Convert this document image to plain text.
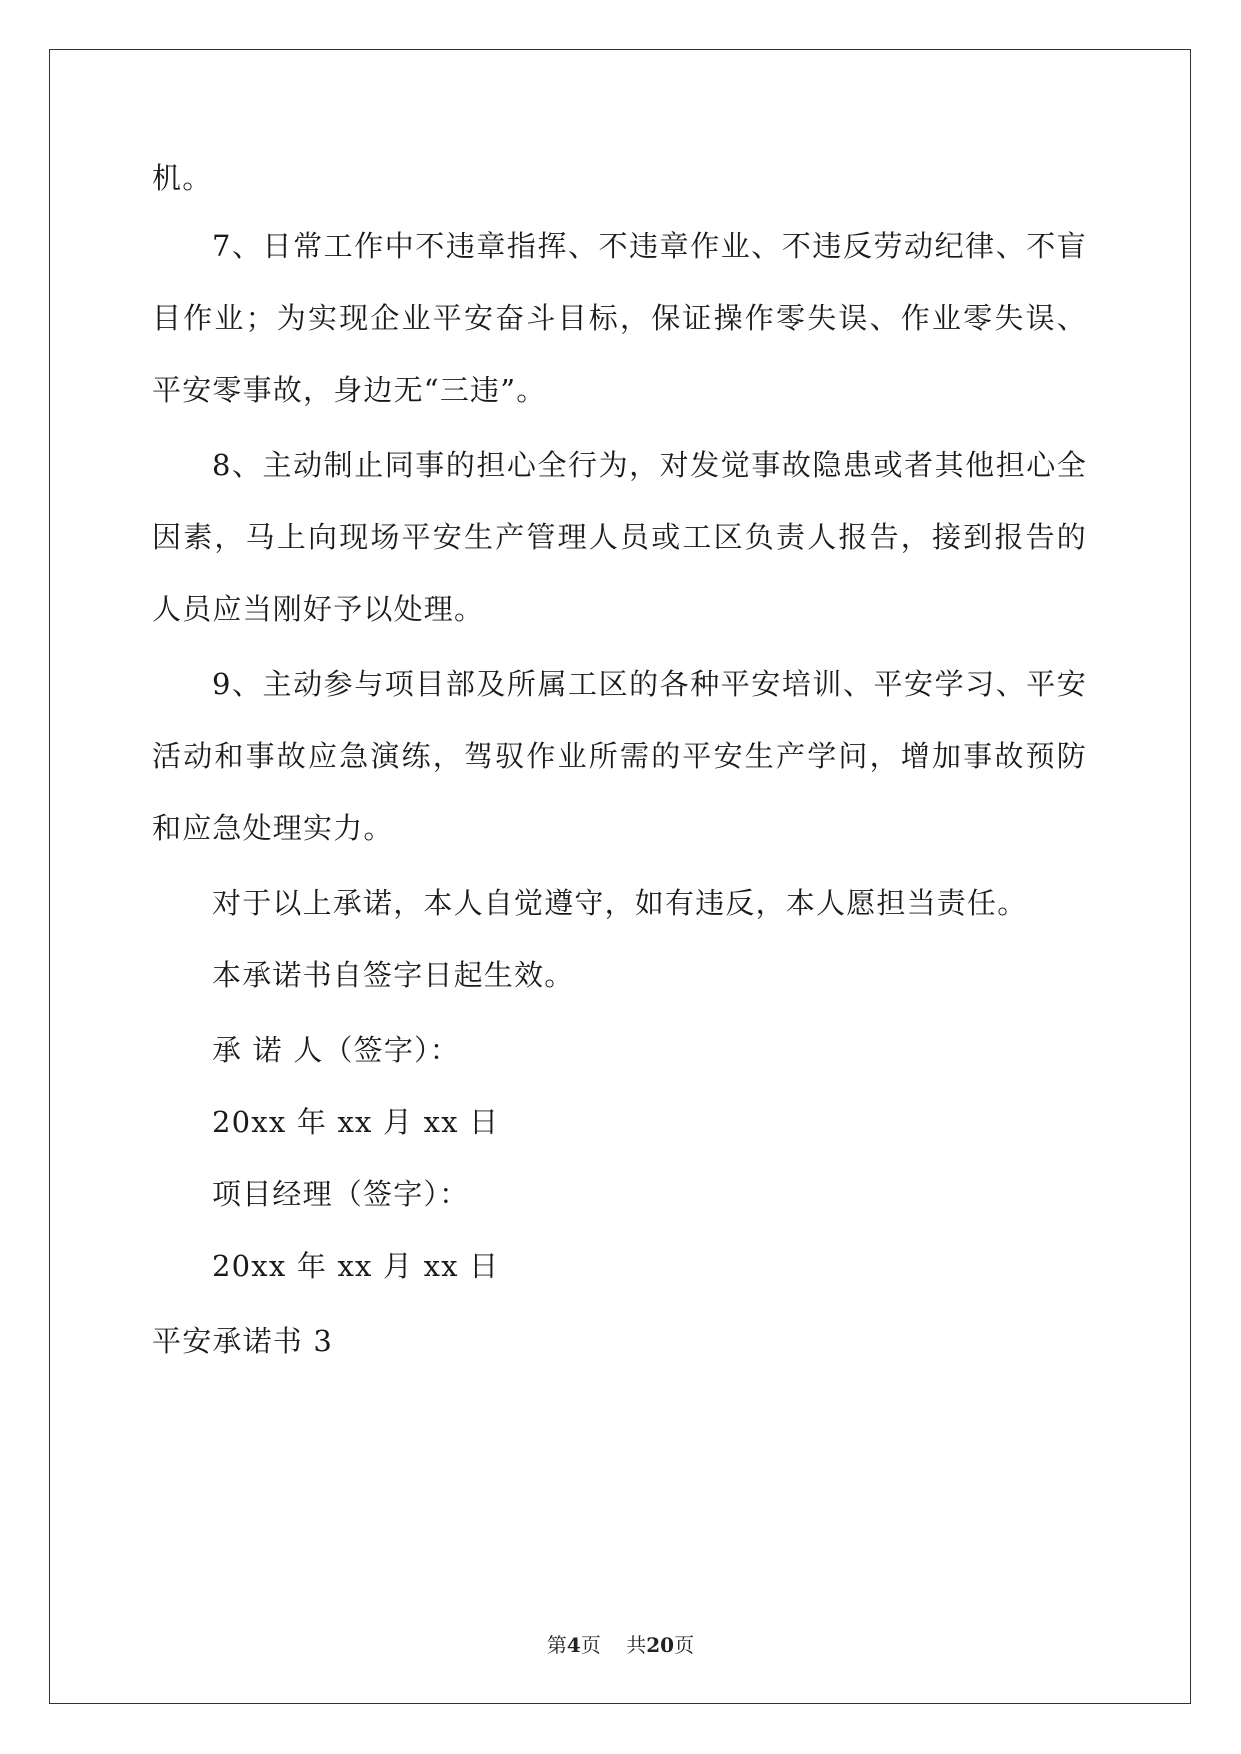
机。
7、日常工作中不违章指挥、不违章作业、不违反劳动纪律、不盲
目作业；为实现企业平安奋斗目标，保证操作零失误、作业零失误、
平安零事故，身边无“三违”。
8、主动制止同事的担心全行为，对发觉事故隐患或者其他担心全
因素，马上向现场平安生产管理人员或工区负责人报告，接到报告的
人员应当刚好予以处理。
9、主动参与项目部及所属工区的各种平安培训、平安学习、平安
活动和事故应急演练，驾驭作业所需的平安生产学问，增加事故预防
和应急处理实力。
对于以上承诺，本人自觉遵守，如有违反，本人愿担当责任。
本承诺书自签字日起生效。
承 诺 人（签字）：
20xx 年 xx 月 xx 日
项目经理（签字）：
20xx 年 xx 月 xx 日
平安承诺书 3
第4页 共20页
